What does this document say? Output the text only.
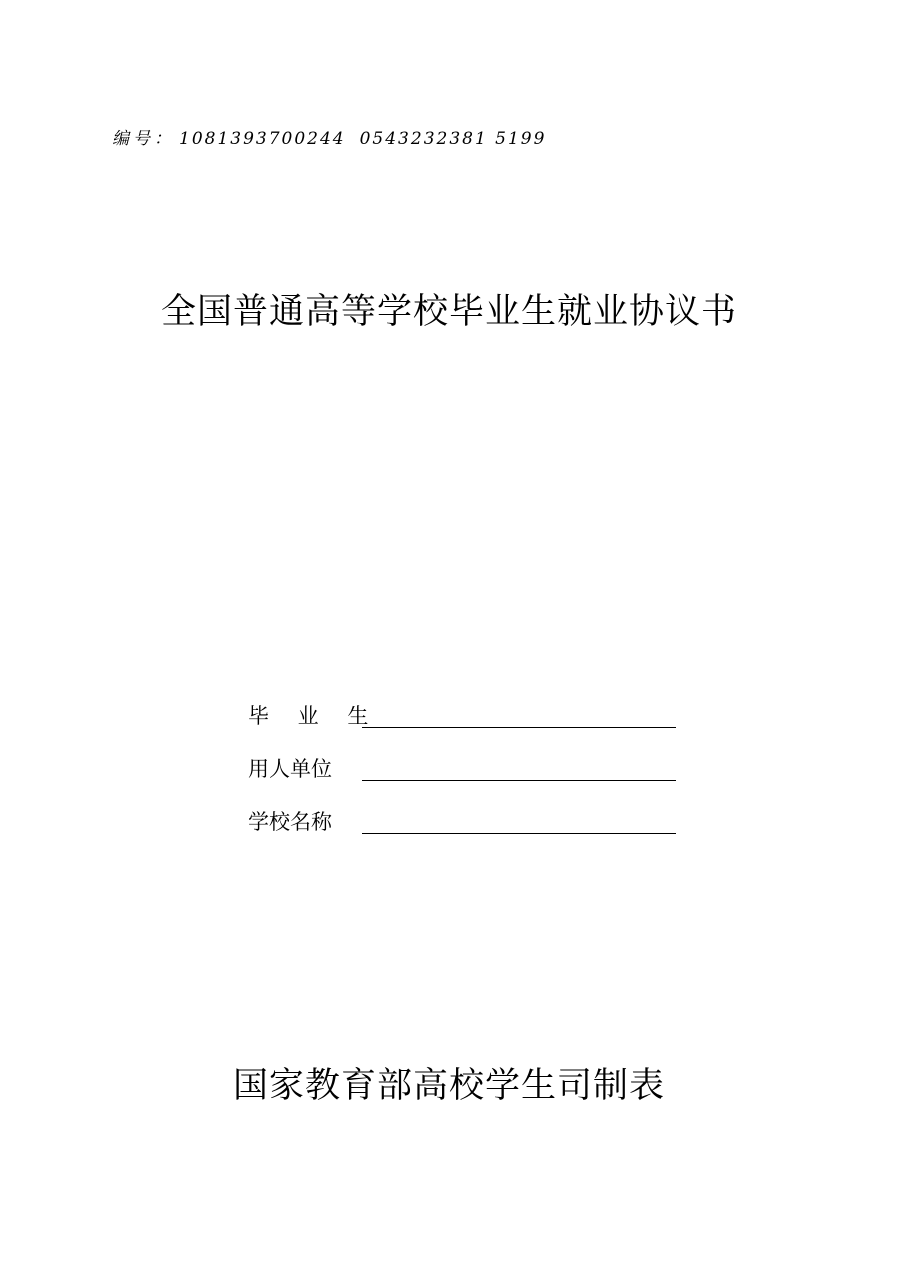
编号： 1081393700244 0543232381 5199
全国普通高等学校毕业生就业协议书
毕 业 生
用人单位
学校名称
国家教育部高校学生司制表
